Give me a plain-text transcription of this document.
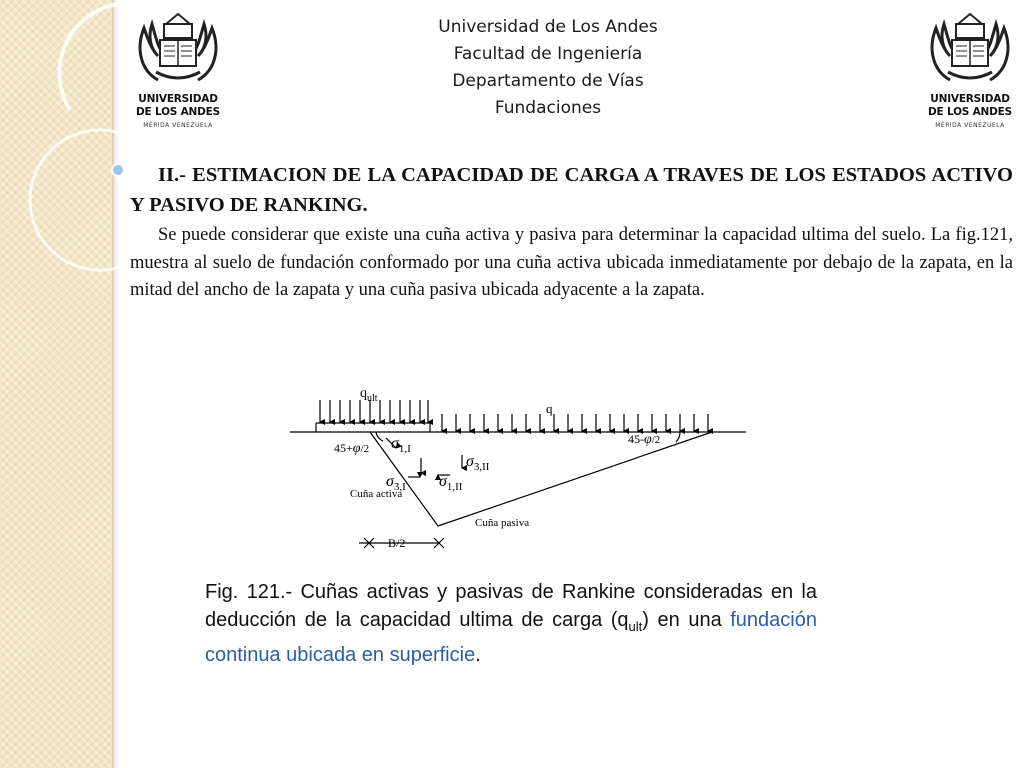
Universidad de Los Andes
Facultad de Ingeniería
Departamento de Vías
Fundaciones
UNIVERSIDAD
DE LOS ANDES
MÉRIDA VENEZUELA
UNIVERSIDAD
DE LOS ANDES
MÉRIDA VENEZUELA
II.- ESTIMACION DE LA CAPACIDAD DE CARGA A TRAVES DE LOS ESTADOS ACTIVO Y PASIVO DE RANKING.
Se puede considerar que existe una cuña activa y pasiva para determinar la capacidad ultima del suelo. La fig.121, muestra al suelo de fundación conformado por una cuña activa ubicada inmediatamente por debajo de la zapata, en la mitad del ancho de la zapata y una cuña pasiva ubicada adyacente a la zapata.
$q_{ult}$
q
45+φ/2
45-φ/2
$\sigma_{1,I}$
$\sigma_{3,I}$ $\sigma_{1,II}$
$\sigma_{3,II}$
Cuña activa
Cuña pasiva
B/2
Fig. 121.- Cuñas activas y pasivas de Rankine consideradas en la deducción de la capacidad ultima de carga $(q_{ult})$ en una fundación continua ubicada en superficie.
